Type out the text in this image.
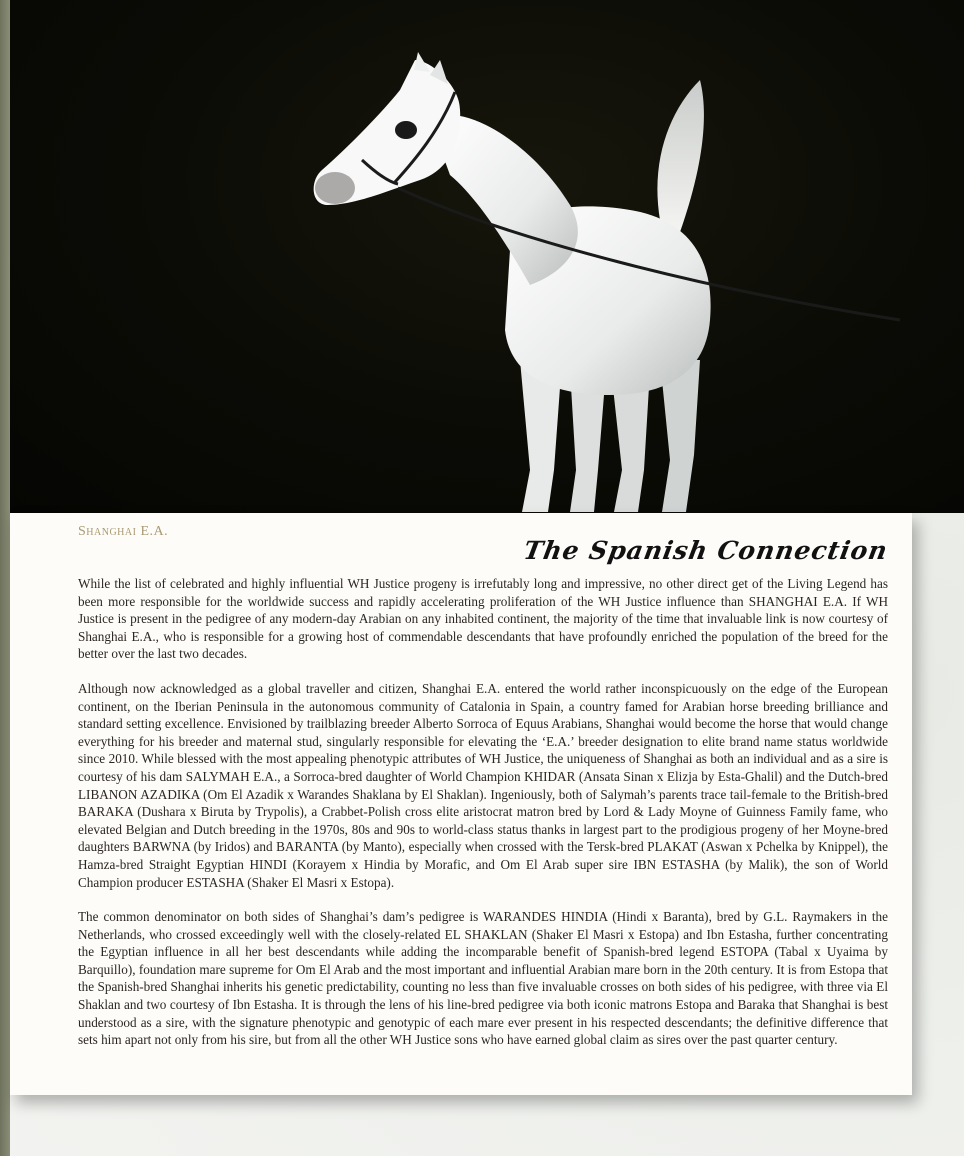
Shanghai E.A.
The Spanish Connection

While the list of celebrated and highly influential WH Justice progeny is irrefutably long and impressive, no other direct get of the Living Legend has been more responsible for the worldwide success and rapidly accelerating proliferation of the WH Justice influence than SHANGHAI E.A. If WH Justice is present in the pedigree of any modern-day Arabian on any inhabited continent, the majority of the time that invaluable link is now courtesy of Shanghai E.A., who is responsible for a growing host of commendable descendants that have profoundly enriched the population of the breed for the better over the last two decades.

Although now acknowledged as a global traveller and citizen, Shanghai E.A. entered the world rather inconspicuously on the edge of the European continent, on the Iberian Peninsula in the autonomous community of Catalonia in Spain, a country famed for Arabian horse breeding brilliance and standard setting excellence. Envisioned by trailblazing breeder Alberto Sorroca of Equus Arabians, Shanghai would become the horse that would change everything for his breeder and maternal stud, singularly responsible for elevating the ‘E.A.’ breeder designation to elite brand name status worldwide since 2010. While blessed with the most appealing phenotypic attributes of WH Justice, the uniqueness of Shanghai as both an individual and as a sire is courtesy of his dam SALYMAH E.A., a Sorroca-bred daughter of World Champion KHIDAR (Ansata Sinan x Elizja by Esta-Ghalil) and the Dutch-bred LIBANON AZADIKA (Om El Azadik x Warandes Shaklana by El Shaklan). Ingeniously, both of Salymah’s parents trace tail-female to the British-bred BARAKA (Dushara x Biruta by Trypolis), a Crabbet-Polish cross elite aristocrat matron bred by Lord & Lady Moyne of Guinness Family fame, who elevated Belgian and Dutch breeding in the 1970s, 80s and 90s to world-class status thanks in largest part to the prodigious progeny of her Moyne-bred daughters BARWNA (by Iridos) and BARANTA (by Manto), especially when crossed with the Tersk-bred PLAKAT (Aswan x Pchelka by Knippel), the Hamza-bred Straight Egyptian HINDI (Korayem x Hindia by Morafic, and Om El Arab super sire IBN ESTASHA (by Malik), the son of World Champion producer ESTASHA (Shaker El Masri x Estopa).

The common denominator on both sides of Shanghai’s dam’s pedigree is WARANDES HINDIA (Hindi x Baranta), bred by G.L. Raymakers in the Netherlands, who crossed exceedingly well with the closely-related EL SHAKLAN (Shaker El Masri x Estopa) and Ibn Estasha, further concentrating the Egyptian influence in all her best descendants while adding the incomparable benefit of Spanish-bred legend ESTOPA (Tabal x Uyaima by Barquillo), foundation mare supreme for Om El Arab and the most important and influential Arabian mare born in the 20th century. It is from Estopa that the Spanish-bred Shanghai inherits his genetic predictability, counting no less than five invaluable crosses on both sides of his pedigree, with three via El Shaklan and two courtesy of Ibn Estasha. It is through the lens of his line-bred pedigree via both iconic matrons Estopa and Baraka that Shanghai is best understood as a sire, with the signature phenotypic and genotypic of each mare ever present in his respected descendants; the definitive difference that sets him apart not only from his sire, but from all the other WH Justice sons who have earned global claim as sires over the past quarter century.
